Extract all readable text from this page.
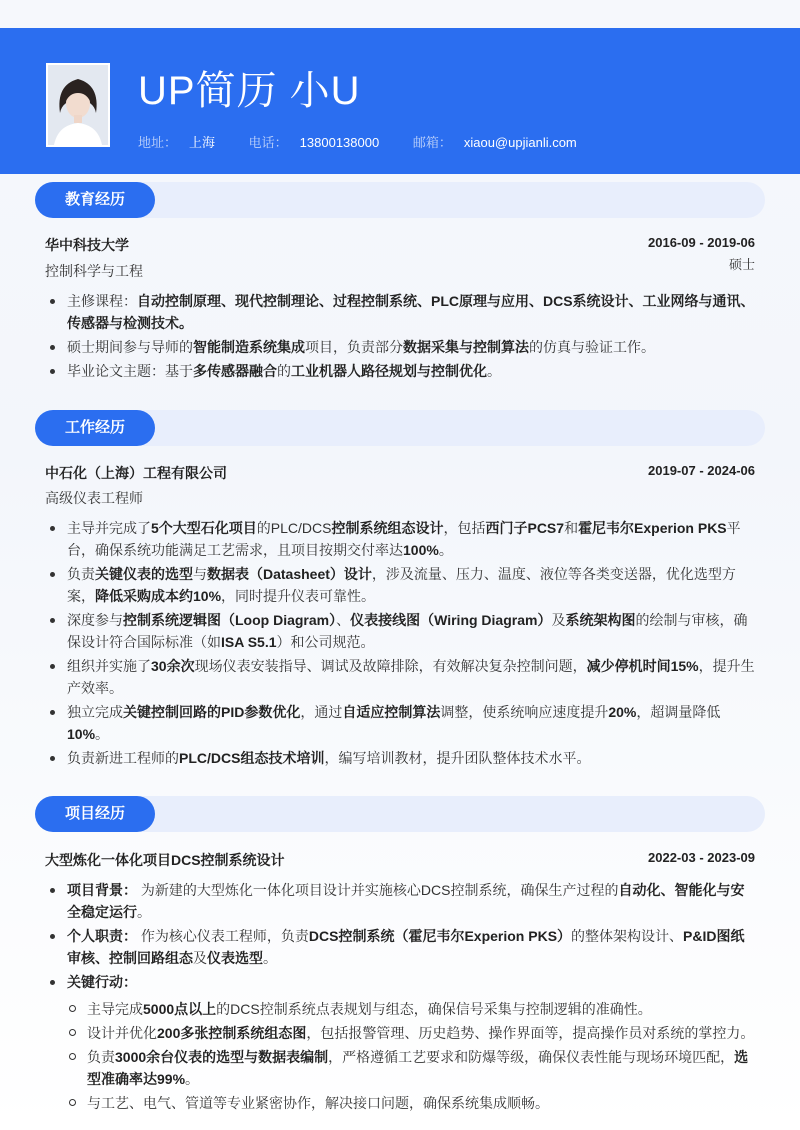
UP简历 小U
地址： 上海	电话： 13800138000	邮箱： xiaou@upjianli.com
教育经历
华中科技大学	2016-09 - 2019-06
控制科学与工程	硕士
主修课程：自动控制原理、现代控制理论、过程控制系统、PLC原理与应用、DCS系统设计、工业网络与通讯、传感器与检测技术。
硕士期间参与导师的智能制造系统集成项目，负责部分数据采集与控制算法的仿真与验证工作。
毕业论文主题：基于多传感器融合的工业机器人路径规划与控制优化。
工作经历
中石化（上海）工程有限公司	2019-07 - 2024-06
高级仪表工程师
主导并完成了5个大型石化项目的PLC/DCS控制系统组态设计，包括西门子PCS7和霍尼韦尔Experion PKS平台，确保系统功能满足工艺需求，且项目按期交付率达100%。
负责关键仪表的选型与数据表（Datasheet）设计，涉及流量、压力、温度、液位等各类变送器，优化选型方案，降低采购成本约10%，同时提升仪表可靠性。
深度参与控制系统逻辑图（Loop Diagram）、仪表接线图（Wiring Diagram）及系统架构图的绘制与审核，确保设计符合国际标准（如ISA S5.1）和公司规范。
组织并实施了30余次现场仪表安装指导、调试及故障排除，有效解决复杂控制问题，减少停机时间15%，提升生产效率。
独立完成关键控制回路的PID参数优化，通过自适应控制算法调整，使系统响应速度提升20%，超调量降低10%。
负责新进工程师的PLC/DCS组态技术培训，编写培训教材，提升团队整体技术水平。
项目经历
大型炼化一体化项目DCS控制系统设计	2022-03 - 2023-09
项目背景： 为新建的大型炼化一体化项目设计并实施核心DCS控制系统，确保生产过程的自动化、智能化与安全稳定运行。
个人职责： 作为核心仪表工程师，负责DCS控制系统（霍尼韦尔Experion PKS）的整体架构设计、P&ID图纸审核、控制回路组态及仪表选型。
关键行动：
主导完成5000点以上的DCS控制系统点表规划与组态，确保信号采集与控制逻辑的准确性。
设计并优化200多张控制系统组态图，包括报警管理、历史趋势、操作界面等，提高操作员对系统的掌控力。
负责3000余台仪表的选型与数据表编制，严格遵循工艺要求和防爆等级，确保仪表性能与现场环境匹配，选型准确率达99%。
与工艺、电气、管道等专业紧密协作，解决接口问题，确保系统集成顺畅。
